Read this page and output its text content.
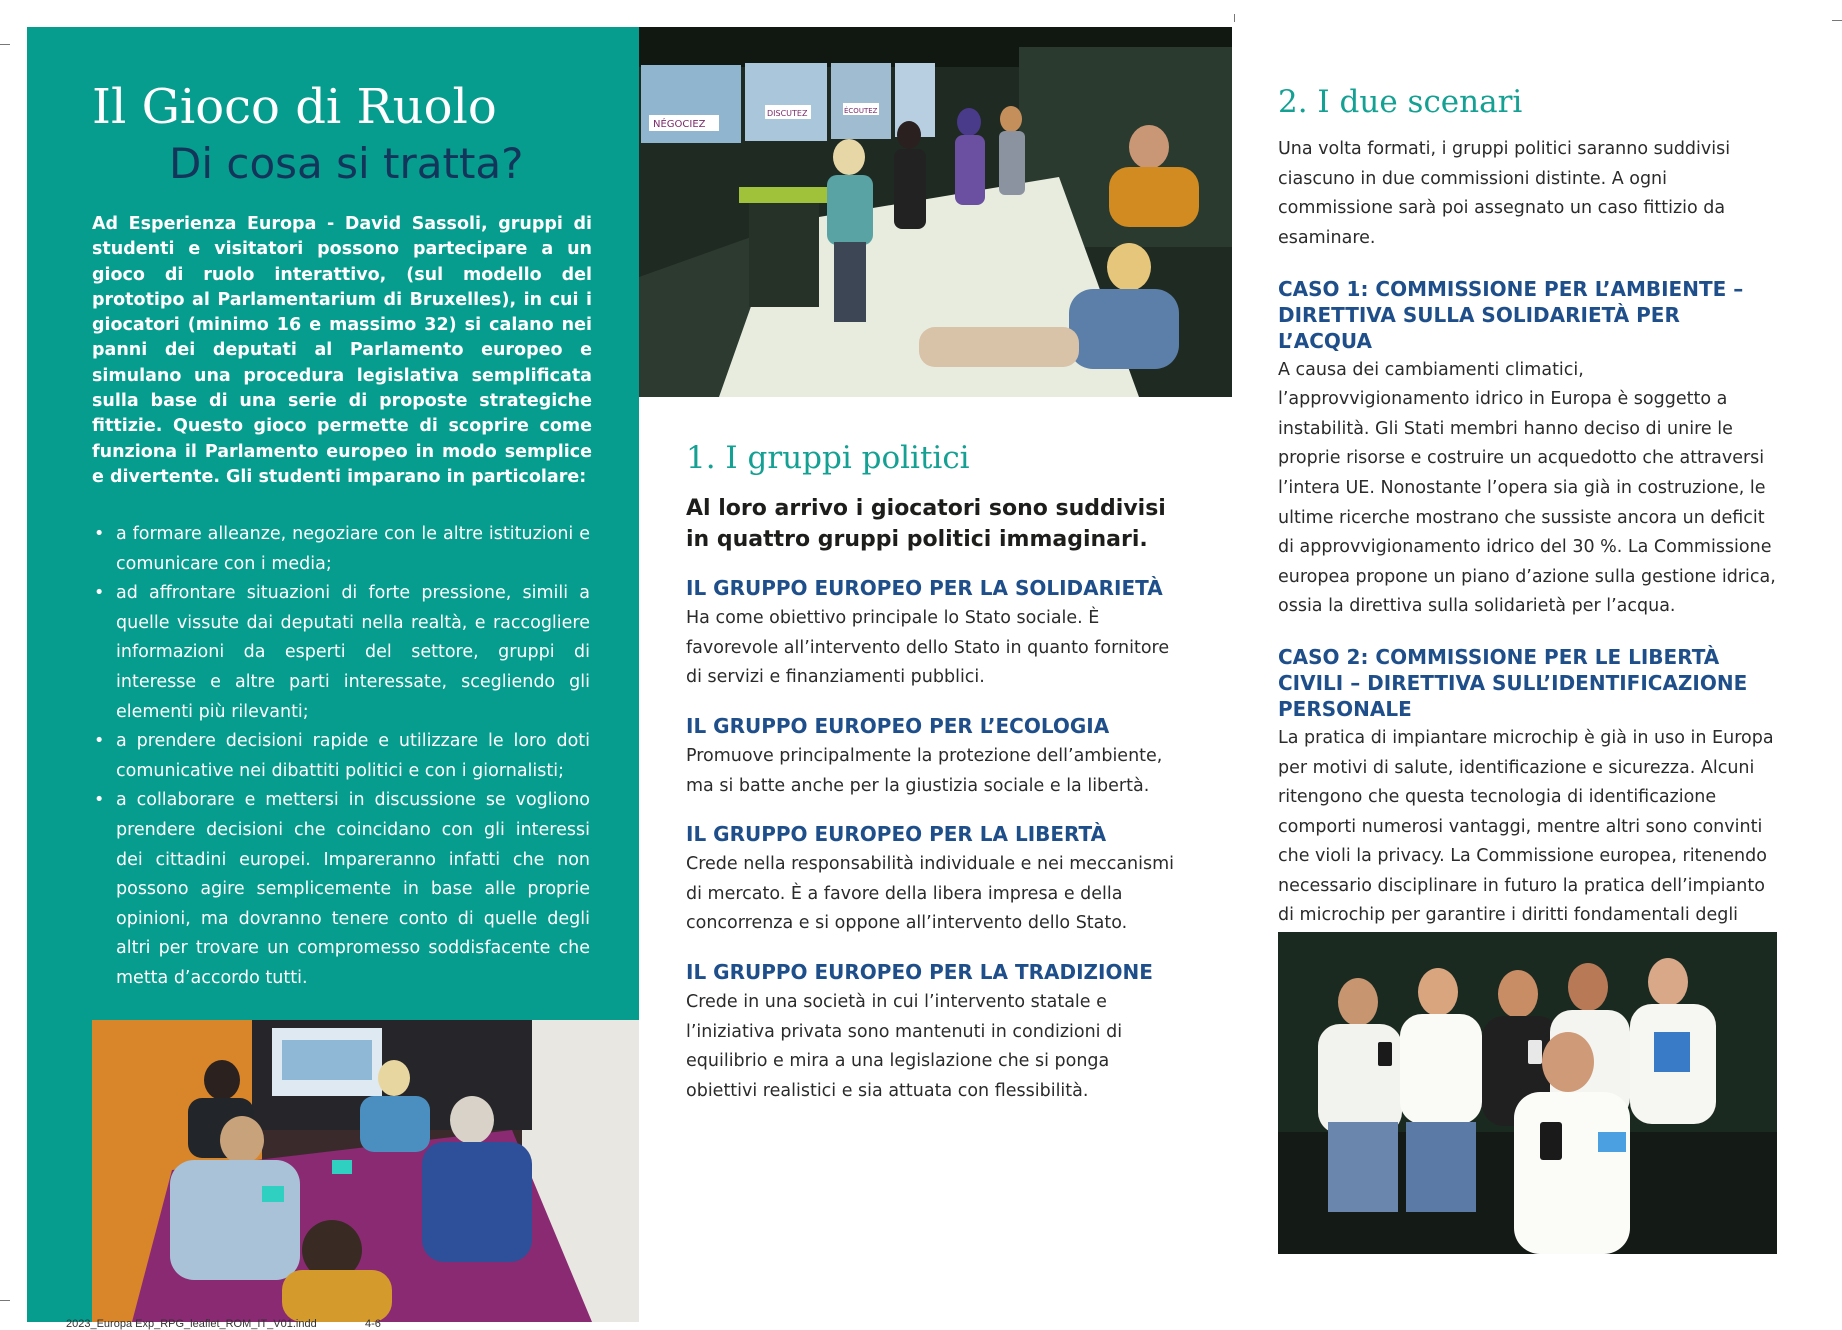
Il Gioco di Ruolo
Di cosa si tratta?

Ad Esperienza Europa - David Sassoli, gruppi di studenti e visitatori possono partecipare a un gioco di ruolo interattivo, (sul modello del prototipo al Parlamentarium di Bruxelles), in cui i giocatori (minimo 16 e massimo 32) si calano nei panni dei deputati al Parlamento europeo e simulano una procedura legislativa semplificata sulla base di una serie di proposte strategiche fittizie. Questo gioco permette di scoprire come funziona il Parlamento europeo in modo semplice e divertente. Gli studenti imparano in particolare:

• a formare alleanze, negoziare con le altre istituzioni e comunicare con i media;
• ad affrontare situazioni di forte pressione, simili a quelle vissute dai deputati nella realtà, e raccogliere informazioni da esperti del settore, gruppi di interesse e altre parti interessate, scegliendo gli elementi più rilevanti;
• a prendere decisioni rapide e utilizzare le loro doti comunicative nei dibattiti politici e con i giornalisti;
• a collaborare e mettersi in discussione se vogliono prendere decisioni che coincidano con gli interessi dei cittadini europei. Impareranno infatti che non possono agire semplicemente in base alle proprie opinioni, ma dovranno tenere conto di quelle degli altri per trovare un compromesso soddisfacente che metta d’accordo tutti.
NÉGOCIEZ
DISCUTEZ	ÉCOUTEZ
1. I gruppi politici

Al loro arrivo i giocatori sono suddivisi in quattro gruppi politici immaginari.

IL GRUPPO EUROPEO PER LA SOLIDARIETÀ

Ha come obiettivo principale lo Stato sociale. È favorevole all’intervento dello Stato in quanto fornitore di servizi e finanziamenti pubblici.

IL GRUPPO EUROPEO PER L’ECOLOGIA

Promuove principalmente la protezione dell’ambiente, ma si batte anche per la giustizia sociale e la libertà.

IL GRUPPO EUROPEO PER LA LIBERTÀ

Crede nella responsabilità individuale e nei meccanismi di mercato. È a favore della libera impresa e della concorrenza e si oppone all’intervento dello Stato.

IL GRUPPO EUROPEO PER LA TRADIZIONE

Crede in una società in cui l’intervento statale e l’iniziativa privata sono mantenuti in condizioni di equilibrio e mira a una legislazione che si ponga obiettivi realistici e sia attuata con flessibilità.

2. I due scenari

Una volta formati, i gruppi politici saranno suddivisi ciascuno in due commissioni distinte. A ogni commissione sarà poi assegnato un caso fittizio da esaminare.

CASO 1: COMMISSIONE PER L’AMBIENTE – DIRETTIVA SULLA SOLIDARIETÀ PER L’ACQUA

A causa dei cambiamenti climatici, l’approvvigionamento idrico in Europa è soggetto a instabilità. Gli Stati membri hanno deciso di unire le proprie risorse e costruire un acquedotto che attraversi l’intera UE. Nonostante l’opera sia già in costruzione, le ultime ricerche mostrano che sussiste ancora un deficit di approvvigionamento idrico del 30 %. La Commissione europea propone un piano d’azione sulla gestione idrica, ossia la direttiva sulla solidarietà per l’acqua.

CASO 2: COMMISSIONE PER LE LIBERTÀ CIVILI – DIRETTIVA SULL’IDENTIFICAZIONE PERSONALE

La pratica di impiantare microchip è già in uso in Europa per motivi di salute, identificazione e sicurezza. Alcuni ritengono che questa tecnologia di identificazione comporti numerosi vantaggi, mentre altri sono convinti che violi la privacy. La Commissione europea, ritenendo necessario disciplinare in futuro la pratica dell’impianto di microchip per garantire i diritti fondamentali degli

2023_Europa Exp_RPG_leaflet_ROM_IT_V01.indd	4-6
